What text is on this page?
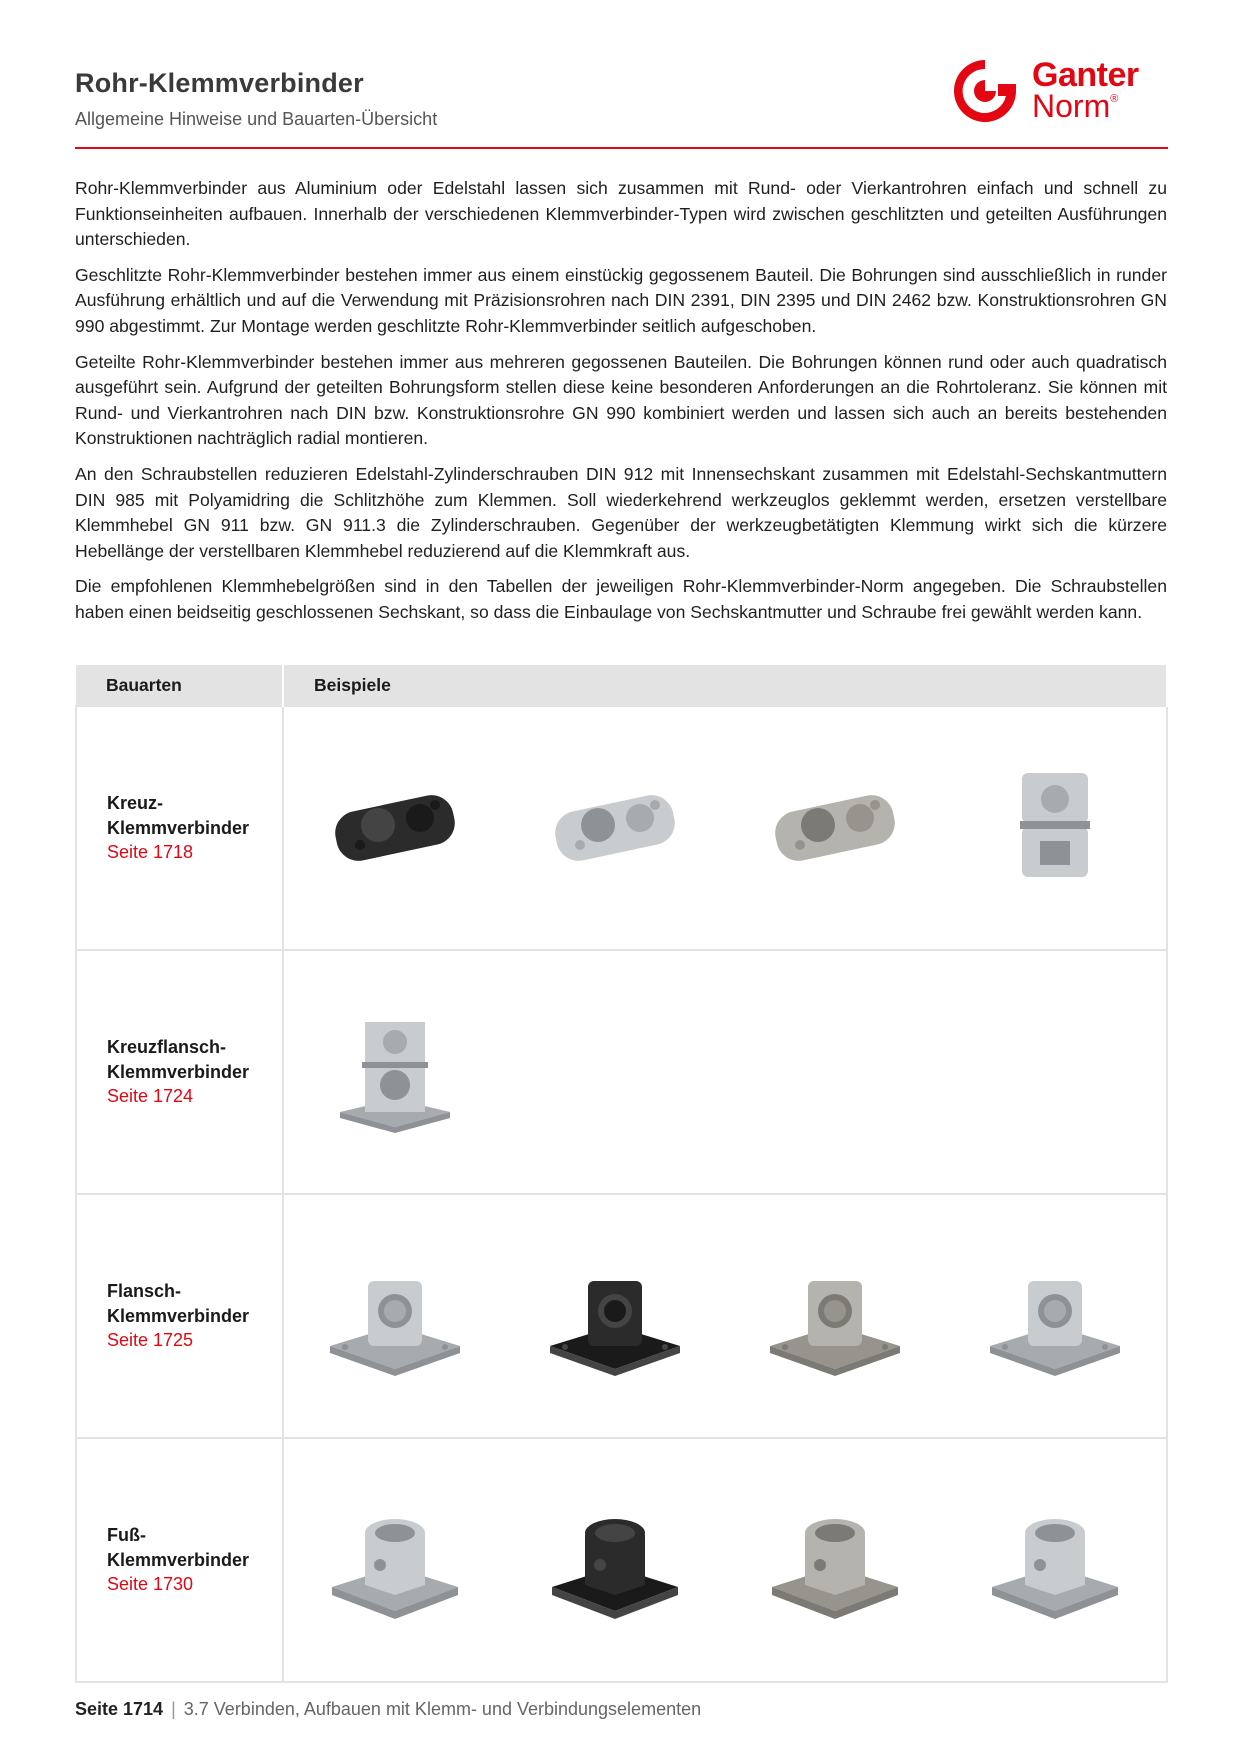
Rohr-Klemmverbinder
Allgemeine Hinweise und Bauarten-Übersicht
Ganter
Norm®

Rohr-Klemmverbinder aus Aluminium oder Edelstahl lassen sich zusammen mit Rund- oder Vierkantrohren einfach und schnell zu Funktionseinheiten aufbauen. Innerhalb der verschiedenen Klemmverbinder-Typen wird zwischen geschlitzten und geteilten Ausführungen unterschieden.

Geschlitzte Rohr-Klemmverbinder bestehen immer aus einem einstückig gegossenem Bauteil. Die Bohrungen sind ausschließlich in runder Ausführung erhältlich und auf die Verwendung mit Präzisionsrohren nach DIN 2391, DIN 2395 und DIN 2462 bzw. Konstruktionsrohren GN 990 abgestimmt. Zur Montage werden geschlitzte Rohr-Klemmverbinder seitlich aufgeschoben.

Geteilte Rohr-Klemmverbinder bestehen immer aus mehreren gegossenen Bauteilen. Die Bohrungen können rund oder auch quadratisch ausgeführt sein. Aufgrund der geteilten Bohrungsform stellen diese keine besonderen Anforderungen an die Rohrtoleranz. Sie können mit Rund- und Vierkantrohren nach DIN bzw. Konstruktionsrohre GN 990 kombiniert werden und lassen sich auch an bereits bestehenden Konstruktionen nachträglich radial montieren.

An den Schraubstellen reduzieren Edelstahl-Zylinderschrauben DIN 912 mit Innensechskant zusammen mit Edelstahl-Sechskantmuttern DIN 985 mit Polyamidring die Schlitzhöhe zum Klemmen. Soll wiederkehrend werkzeuglos geklemmt werden, ersetzen verstellbare Klemmhebel GN 911 bzw. GN 911.3 die Zylinderschrauben. Gegenüber der werkzeugbetätigten Klemmung wirkt sich die kürzere Hebellänge der verstellbaren Klemmhebel reduzierend auf die Klemmkraft aus.

Die empfohlenen Klemmhebelgrößen sind in den Tabellen der jeweiligen Rohr-Klemmverbinder-Norm angegeben. Die Schraubstellen haben einen beidseitig geschlossenen Sechskant, so dass die Einbaulage von Sechskantmutter und Schraube frei gewählt werden kann.

Bauarten	Beispiele

Kreuz-
Klemmverbinder
Seite 1718

Kreuzflansch-
Klemmverbinder
Seite 1724

Flansch-
Klemmverbinder
Seite 1725

Fuß-
Klemmverbinder
Seite 1730

Seite 1714 | 3.7 Verbinden, Aufbauen mit Klemm- und Verbindungselementen
